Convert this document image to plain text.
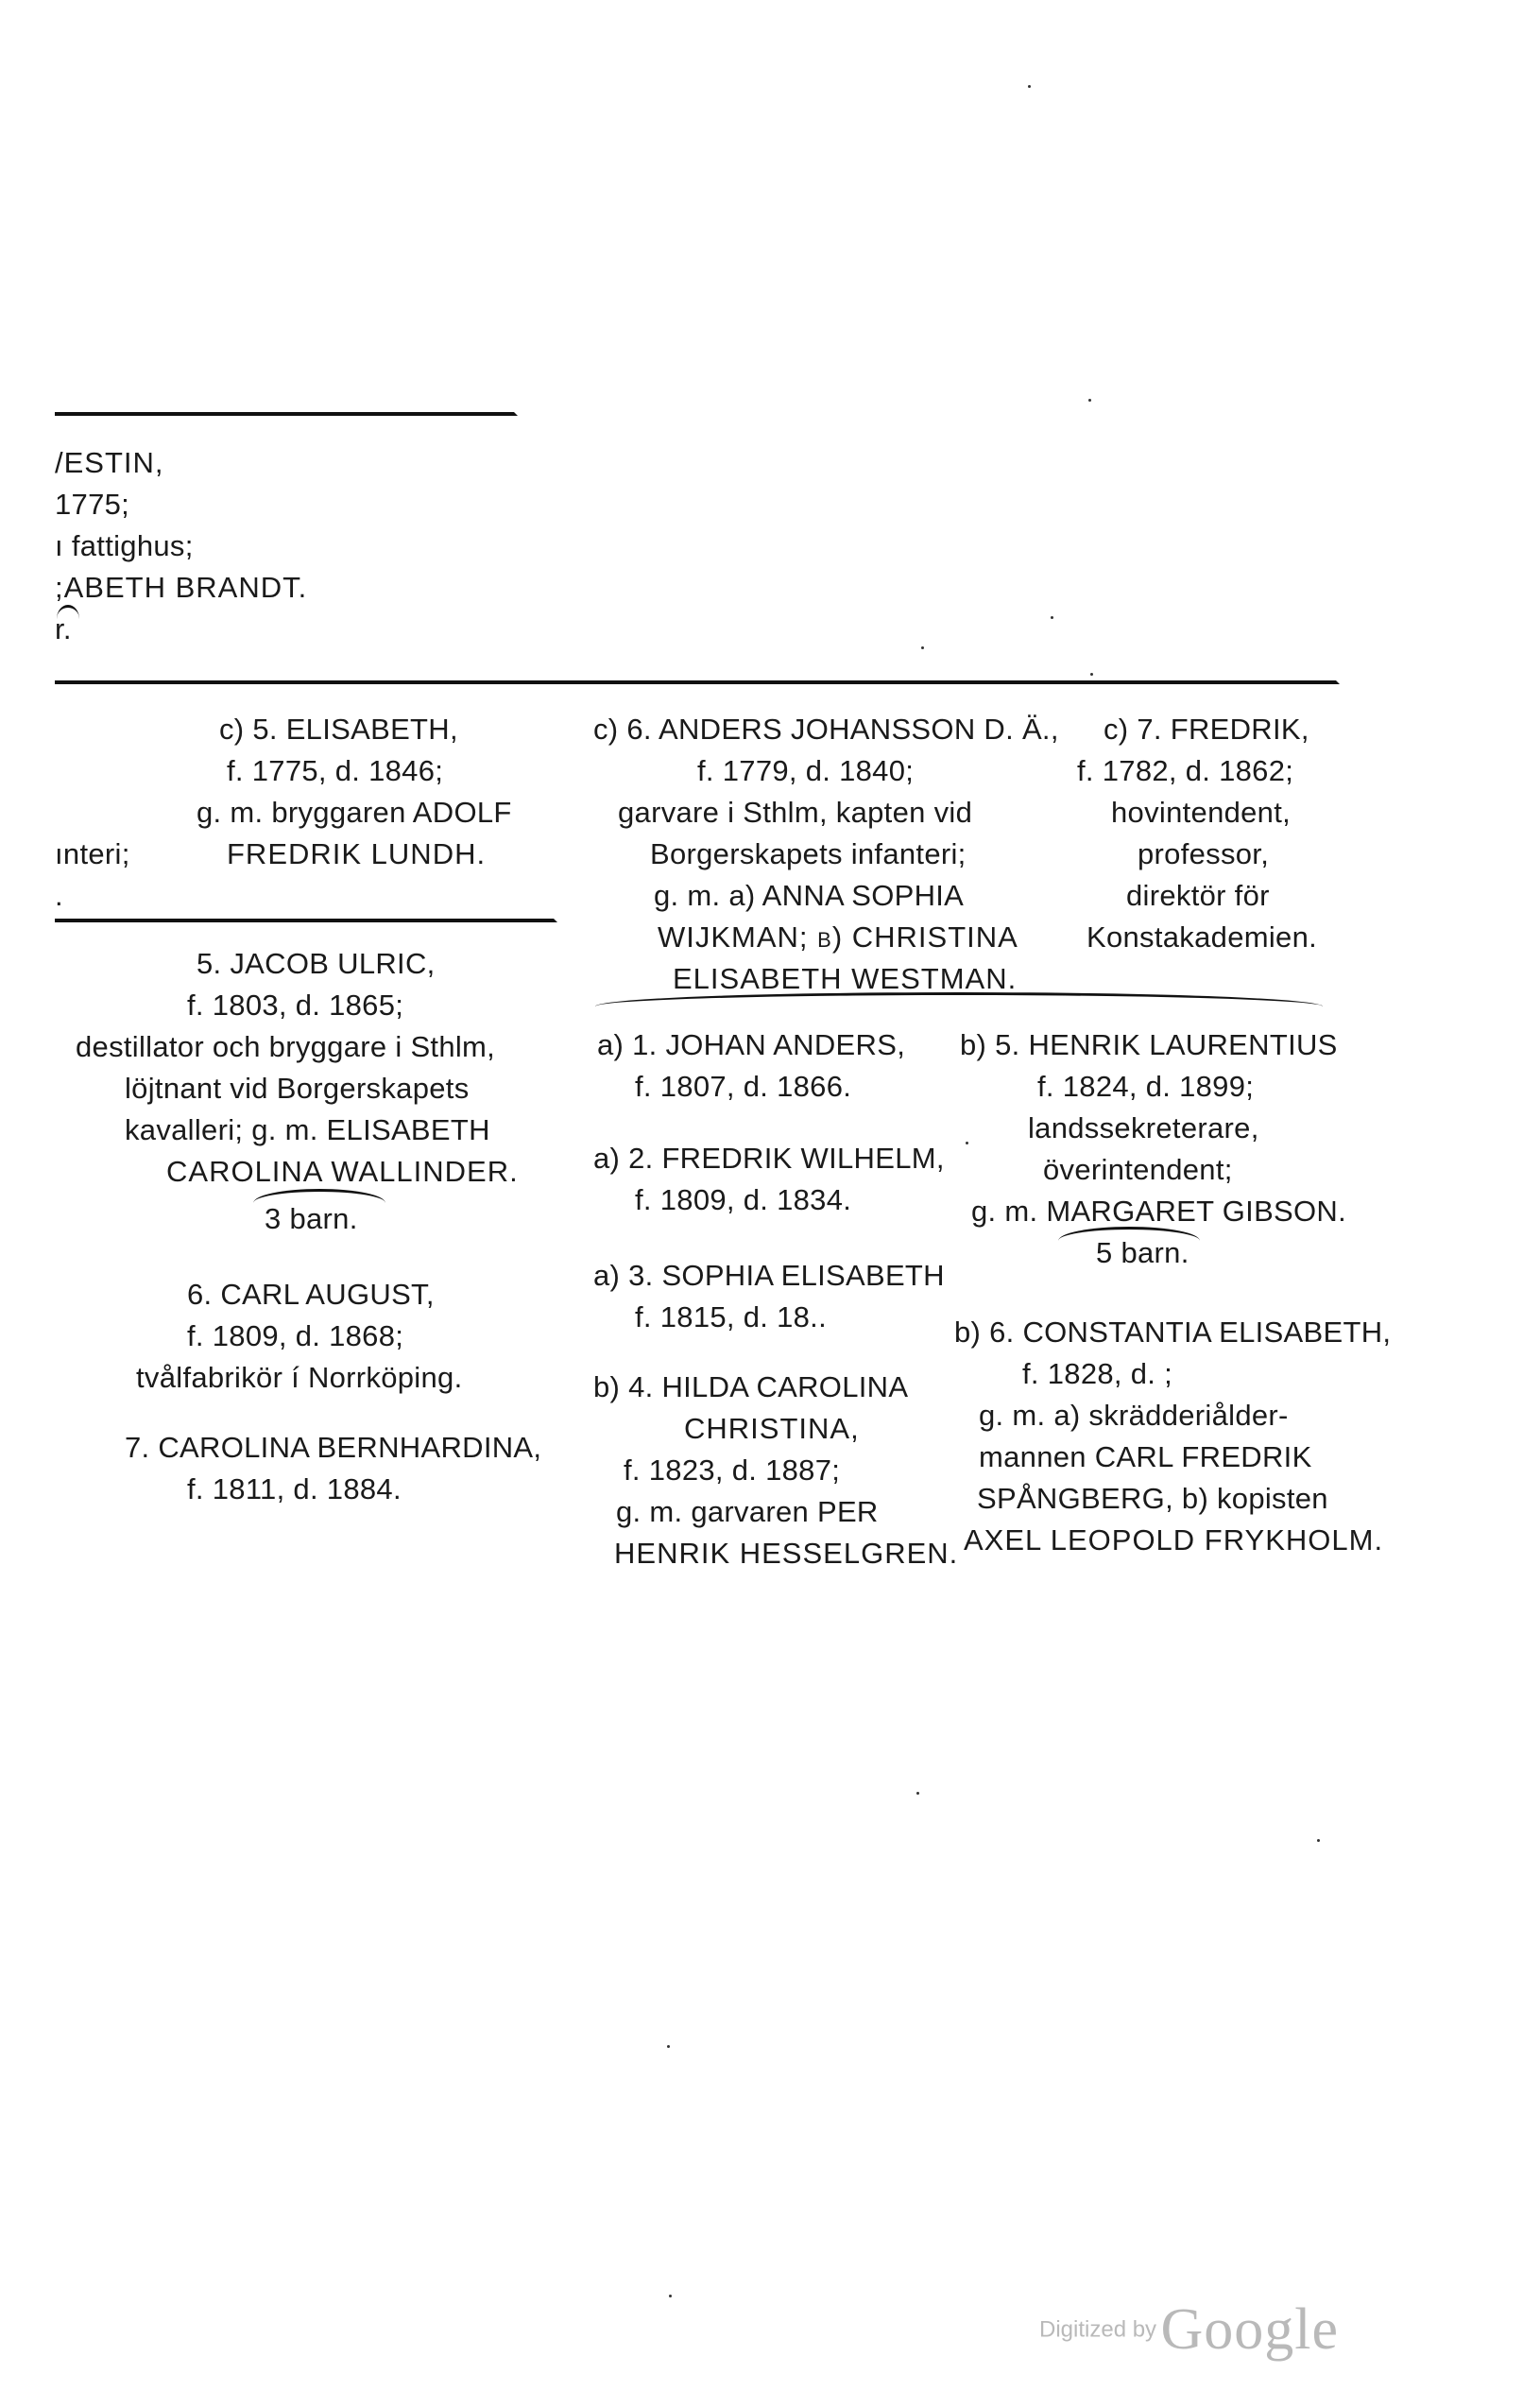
/ESTIN,
1775;
ı fattighus;
;ABETH BRANDT.
r.
c) 5. ELISABETH,
f. 1775, d. 1846;
g. m. bryggaren ADOLF
ınteri;	FREDRIK LUNDH.
.
5. JACOB ULRIC,
f. 1803, d. 1865;
destillator och bryggare i Sthlm,
löjtnant vid Borgerskapets
kavalleri; g. m. ELISABETH
CAROLINA WALLINDER.
3 barn.
6. CARL AUGUST,
f. 1809, d. 1868;
tvålfabrikör í Norrköping.
7. CAROLINA BERNHARDINA,
f. 1811, d. 1884.
c) 6. ANDERS JOHANSSON D. Ä.,
f. 1779, d. 1840;
garvare i Sthlm, kapten vid
Borgerskapets infanteri;
g. m. a) ANNA SOPHIA
WIJKMAN; b) CHRISTINA
ELISABETH WESTMAN.
a) 1. JOHAN ANDERS,
f. 1807, d. 1866.
a) 2. FREDRIK WILHELM,
f. 1809, d. 1834.
a) 3. SOPHIA ELISABETH
f. 1815, d. 18..
b) 4. HILDA CAROLINA
CHRISTINA,
f. 1823, d. 1887;
g. m. garvaren PER
HENRIK HESSELGREN.
c) 7. FREDRIK,
f. 1782, d. 1862;
hovintendent,
professor,
direktör för
Konstakademien.
b) 5. HENRIK LAURENTIUS
f. 1824, d. 1899;
landssekreterare,
överintendent;
g. m. MARGARET GIBSON.
5 barn.
b) 6. CONSTANTIA ELISABETH,
f. 1828, d. ;
g. m. a) skrädderiålder-
mannen CARL FREDRIK
SPÅNGBERG, b) kopisten
AXEL LEOPOLD FRYKHOLM.
Digitized by Google
